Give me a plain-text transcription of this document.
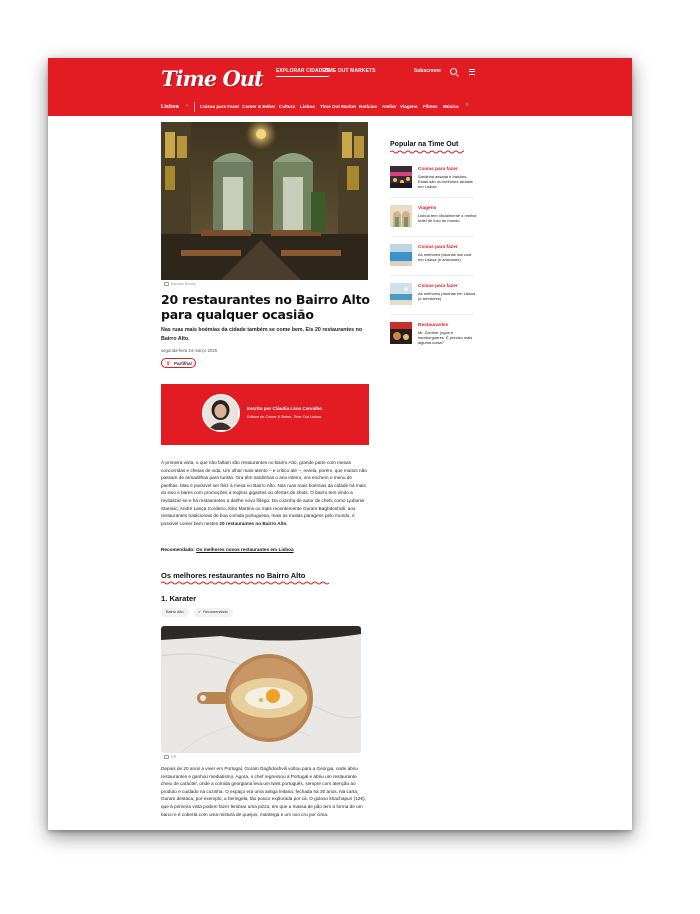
Time Out	EXPLORAR CIDADES
TIME OUT MARKETS	Subscrever
Lisboa ⌄ Coisas para Fazer Comer & Beber Cultura Lisboa Time Out Market Notícias Atelier Viagens Filmes Música ›
Barbara Binney
20 restaurantes no Bairro Alto para qualquer ocasião

Nas ruas mais boémias da cidade também se come bem. Eis 20 restaurantes no Bairro Alto.

segunda-feira 24 março 2025
⇪ Partilhar
Escrito por Cláudia Lima Carvalho
Editora de Comer & Beber, Time Out Lisboa

À primeira vista, o que não faltam são restaurantes no Bairro Alto, grande parte com mesas concorridas e cheias de vida. Um olhar mais atento – e crítico até –, revela, porém, que muitos não passam de armadilhas para turista. Ora têm sardinhas o ano inteiro, ora enchem o menu de paelhas. Mas é possível ser feliz à mesa no Bairro Alto. Nas ruas mais boémias da cidade há mais do isso e bares com promoções a mojitos gigantes ou ofertas de shots. O bairro tem vindo a revitalizar-se e há restaurantes a darlhe novo fôlego. Da cozinha de autor de chefs como Ljubomir Stanisic, André Lança Cordeiro, Kiko Martins ou mais recentemente Guram Baghdoshvili, aos restaurantes tradicionais de boa comida portuguesa, mais as muitas paragens pelo mundo, é possível comer bem nestes 20 restaurantes no Bairro Alto.

Recomendado: Os melhores novos restaurantes em Lisboa
Os melhores restaurantes no Bairro Alto
1. Karater
Bairro Alto	✓ Recomendado
DR

Depois de 20 anos a viver em Portugal, Guram Daghdoshvili voltou para a Geórgia, onde abriu restaurantes e ganhou mediatismo. Agora, o chef regressou a Portugal e abriu um restaurante cheio de carácter, onde a comida georgiana leva um twist português, sempre com atenção ao produto e cuidado na cozinha. O espaço era uma antiga leitaria, fechada há 30 anos. Na carta, Guram destaca, por exemplo, a beringela, tão pouco explorada por cá. O guloso khachapuri (12€), que à primeira vista podem fazer lembrar uma pizza, em que a massa de pão tem a forma de um barco e é coberta com uma mistura de queijos, manteiga e um ovo cru por cima.

Popular na Time Out
Coisas para fazer
Sardinha assada e balcões. Estas são os melhores arraiais em Lisboa
Viagens
Lisboa tem oficialmente o melhor hotel de luxo do mundo
Coisas para fazer
As melhores piscinas low cost em Lisboa (e arredores)
Coisas para fazer
As melhores piscinas em Lisboa (e arredores)
Restaurantes
Mr. Zombie: jogos e hambúrgueres. É preciso mais alguma coisa?
